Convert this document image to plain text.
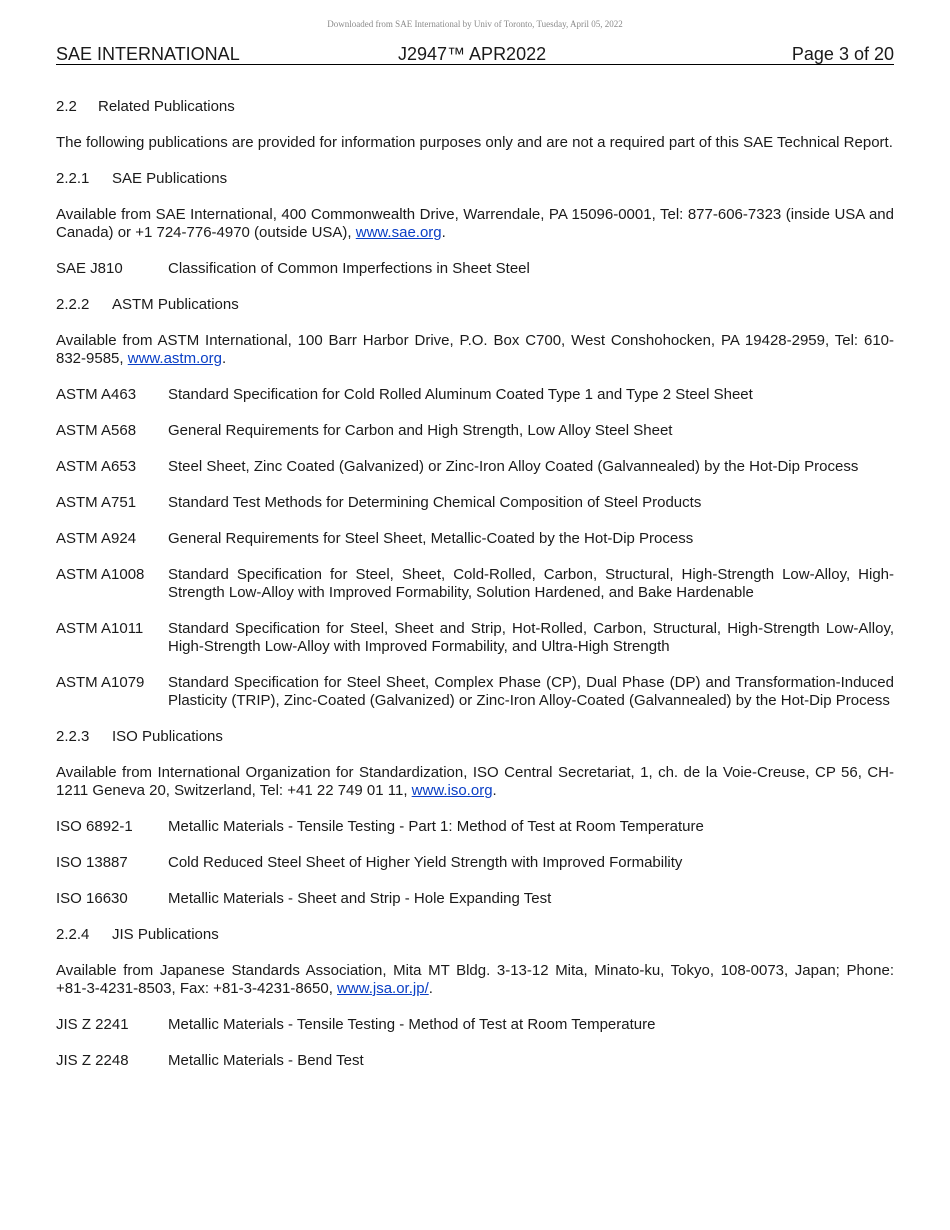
Downloaded from SAE International by Univ of Toronto, Tuesday, April 05, 2022
SAE INTERNATIONAL	J2947™ APR2022	Page 3 of 20
2.2	Related Publications

The following publications are provided for information purposes only and are not a required part of this SAE Technical Report.

2.2.1	SAE Publications

Available from SAE International, 400 Commonwealth Drive, Warrendale, PA 15096-0001, Tel: 877-606-7323 (inside USA and Canada) or +1 724-776-4970 (outside USA), www.sae.org.

SAE J810	Classification of Common Imperfections in Sheet Steel
2.2.2	ASTM Publications

Available from ASTM International, 100 Barr Harbor Drive, P.O. Box C700, West Conshohocken, PA 19428-2959, Tel: 610-832-9585, www.astm.org.

ASTM A463	Standard Specification for Cold Rolled Aluminum Coated Type 1 and Type 2 Steel Sheet
ASTM A568	General Requirements for Carbon and High Strength, Low Alloy Steel Sheet
ASTM A653	Steel Sheet, Zinc Coated (Galvanized) or Zinc-Iron Alloy Coated (Galvannealed) by the Hot-Dip Process
ASTM A751	Standard Test Methods for Determining Chemical Composition of Steel Products
ASTM A924	General Requirements for Steel Sheet, Metallic-Coated by the Hot-Dip Process
ASTM A1008	Standard Specification for Steel, Sheet, Cold-Rolled, Carbon, Structural, High-Strength Low-Alloy, High-Strength Low-Alloy with Improved Formability, Solution Hardened, and Bake Hardenable
ASTM A1011	Standard Specification for Steel, Sheet and Strip, Hot-Rolled, Carbon, Structural, High-Strength Low-Alloy, High-Strength Low-Alloy with Improved Formability, and Ultra-High Strength
ASTM A1079	Standard Specification for Steel Sheet, Complex Phase (CP), Dual Phase (DP) and Transformation-Induced Plasticity (TRIP), Zinc-Coated (Galvanized) or Zinc-Iron Alloy-Coated (Galvannealed) by the Hot-Dip Process
2.2.3	ISO Publications

Available from International Organization for Standardization, ISO Central Secretariat, 1, ch. de la Voie-Creuse, CP 56, CH-1211 Geneva 20, Switzerland, Tel: +41 22 749 01 11, www.iso.org.

ISO 6892-1	Metallic Materials - Tensile Testing - Part 1: Method of Test at Room Temperature
ISO 13887	Cold Reduced Steel Sheet of Higher Yield Strength with Improved Formability
ISO 16630	Metallic Materials - Sheet and Strip - Hole Expanding Test
2.2.4	JIS Publications

Available from Japanese Standards Association, Mita MT Bldg. 3-13-12 Mita, Minato-ku, Tokyo, 108-0073, Japan; Phone: +81-3-4231-8503, Fax: +81-3-4231-8650, www.jsa.or.jp/.

JIS Z 2241	Metallic Materials - Tensile Testing - Method of Test at Room Temperature
JIS Z 2248	Metallic Materials - Bend Test
